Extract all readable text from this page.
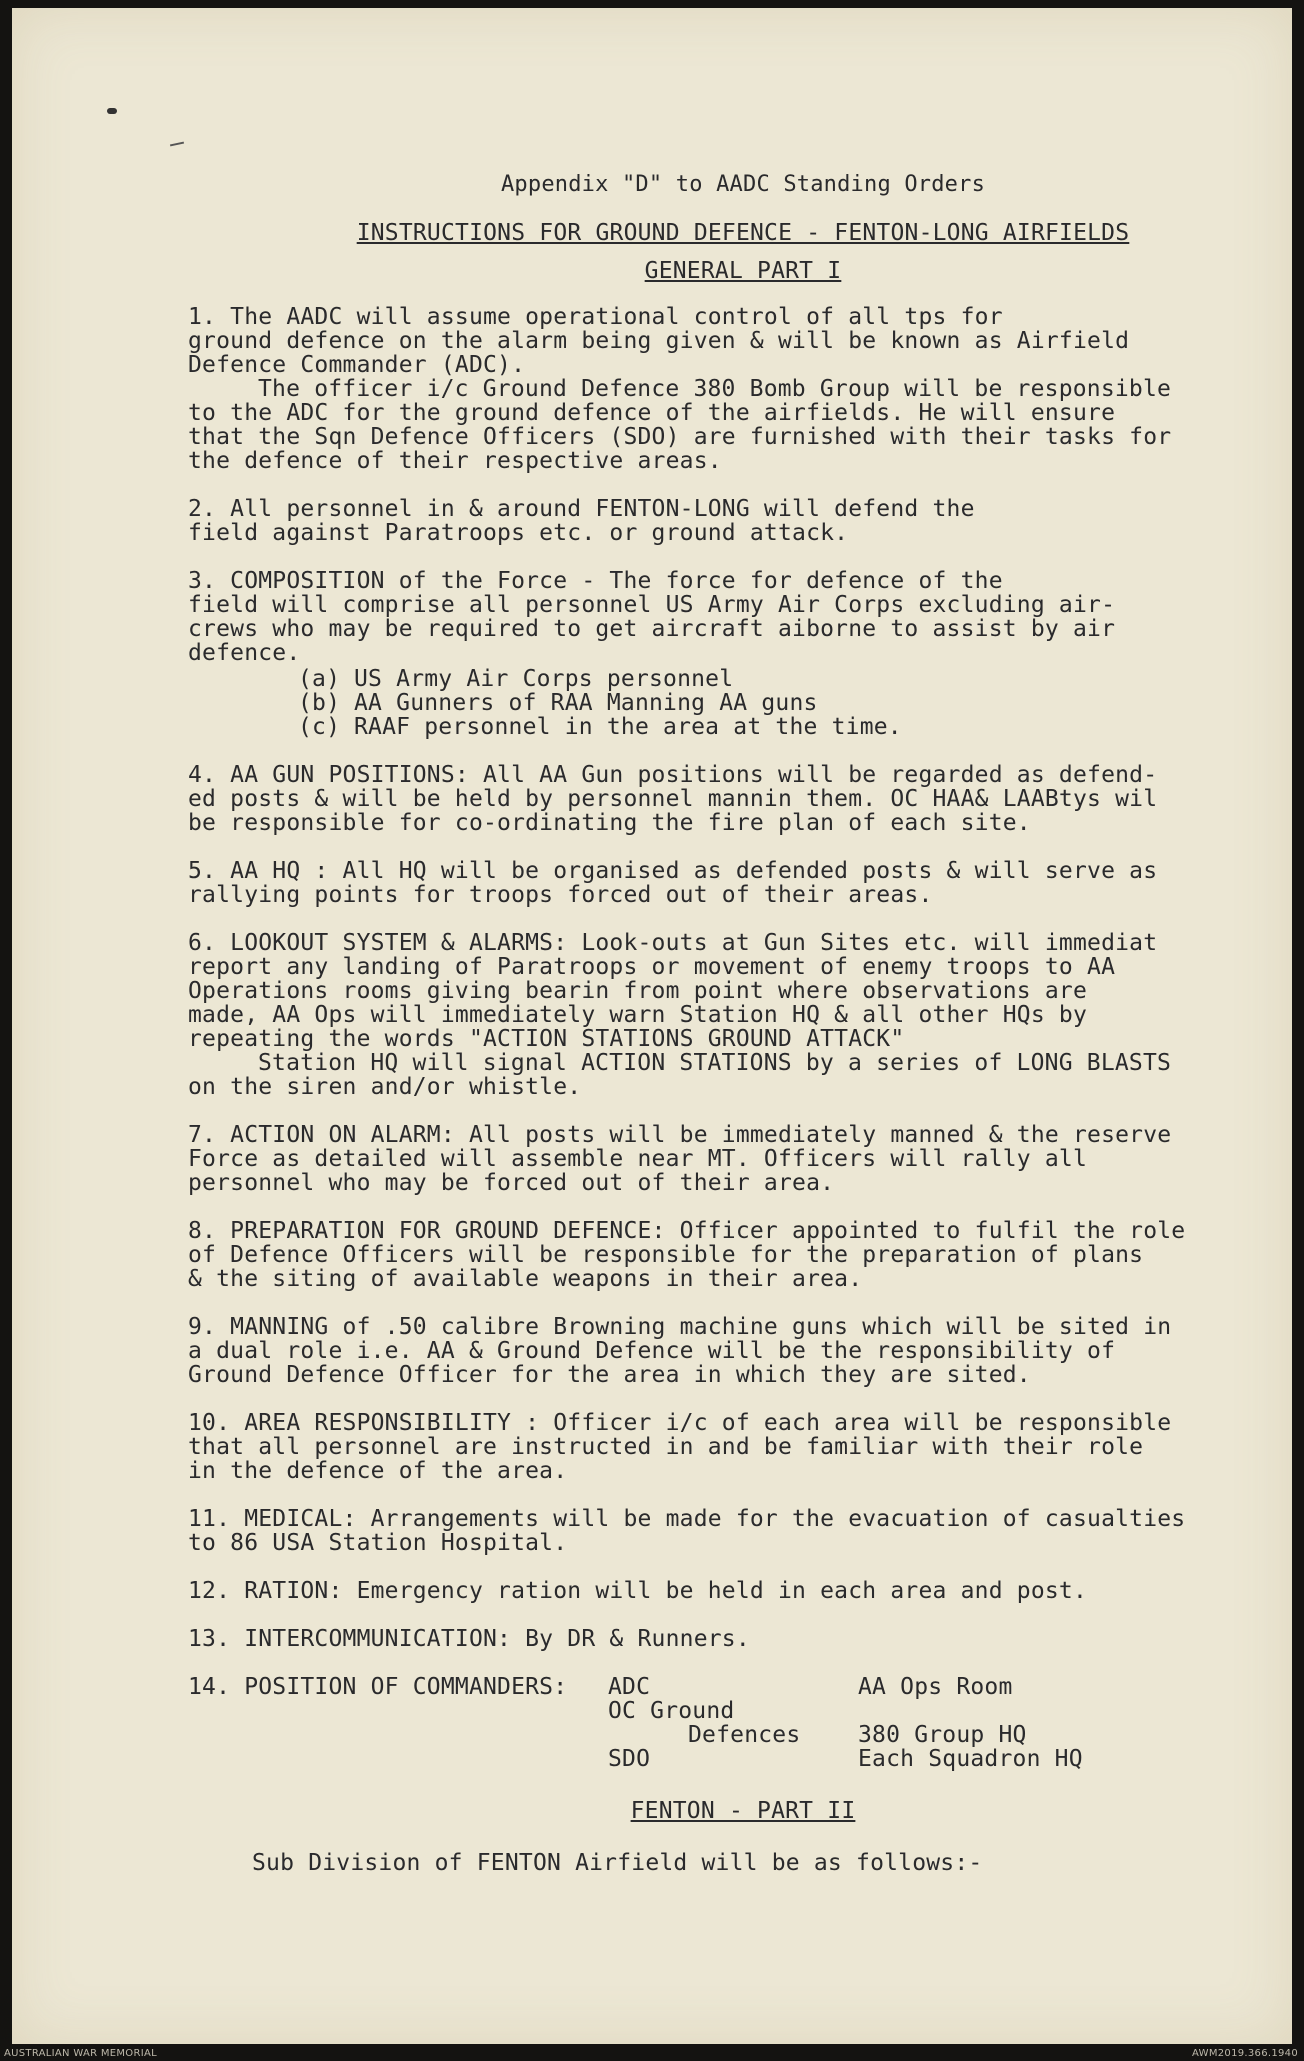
Appendix "D" to AADC Standing Orders
INSTRUCTIONS FOR GROUND DEFENCE - FENTON-LONG AIRFIELDS
GENERAL PART I

1. The AADC will assume operational control of all tps for

ground defence on the alarm being given & will be known as Airfield

Defence Commander (ADC).

The officer i/c Ground Defence 380 Bomb Group will be responsible

to the ADC for the ground defence of the airfields. He will ensure

that the Sqn Defence Officers (SDO) are furnished with their tasks for

the defence of their respective areas.

2. All personnel in & around FENTON-LONG will defend the

field against Paratroops etc. or ground attack.

3. COMPOSITION of the Force - The force for defence of the

field will comprise all personnel US Army Air Corps excluding air-

crews who may be required to get aircraft aiborne to assist by air

defence.

(a) US Army Air Corps personnel
(b) AA Gunners of RAA Manning AA guns
(c) RAAF personnel in the area at the time.

4. AA GUN POSITIONS: All AA Gun positions will be regarded as defend-

ed posts & will be held by personnel mannin them. OC HAA& LAABtys wil

be responsible for co-ordinating the fire plan of each site.

5. AA HQ : All HQ will be organised as defended posts & will serve as

rallying points for troops forced out of their areas.

6. LOOKOUT SYSTEM & ALARMS: Look-outs at Gun Sites etc. will immediat

report any landing of Paratroops or movement of enemy troops to AA

Operations rooms giving bearin from point where observations are

made, AA Ops will immediately warn Station HQ & all other HQs by

repeating the words "ACTION STATIONS GROUND ATTACK"

Station HQ will signal ACTION STATIONS by a series of LONG BLASTS

on the siren and/or whistle.

7. ACTION ON ALARM: All posts will be immediately manned & the reserve

Force as detailed will assemble near MT. Officers will rally all

personnel who may be forced out of their area.

8. PREPARATION FOR GROUND DEFENCE: Officer appointed to fulfil the role

of Defence Officers will be responsible for the preparation of plans

& the siting of available weapons in their area.

9. MANNING of .50 calibre Browning machine guns which will be sited in

a dual role i.e. AA & Ground Defence will be the responsibility of

Ground Defence Officer for the area in which they are sited.

10. AREA RESPONSIBILITY : Officer i/c of each area will be responsible

that all personnel are instructed in and be familiar with their role

in the defence of the area.

11. MEDICAL: Arrangements will be made for the evacuation of casualties

to 86 USA Station Hospital.

12. RATION: Emergency ration will be held in each area and post.

13. INTERCOMMUNICATION: By DR & Runners.

14. POSITION OF COMMANDERS:	ADC
OC Ground
Defences
SDO
AA Ops Room
380 Group HQ
Each Squadron HQ
FENTON - PART II
Sub Division of FENTON Airfield will be as follows:-
AUSTRALIAN WAR MEMORIAL	AWM2019.366.1940
